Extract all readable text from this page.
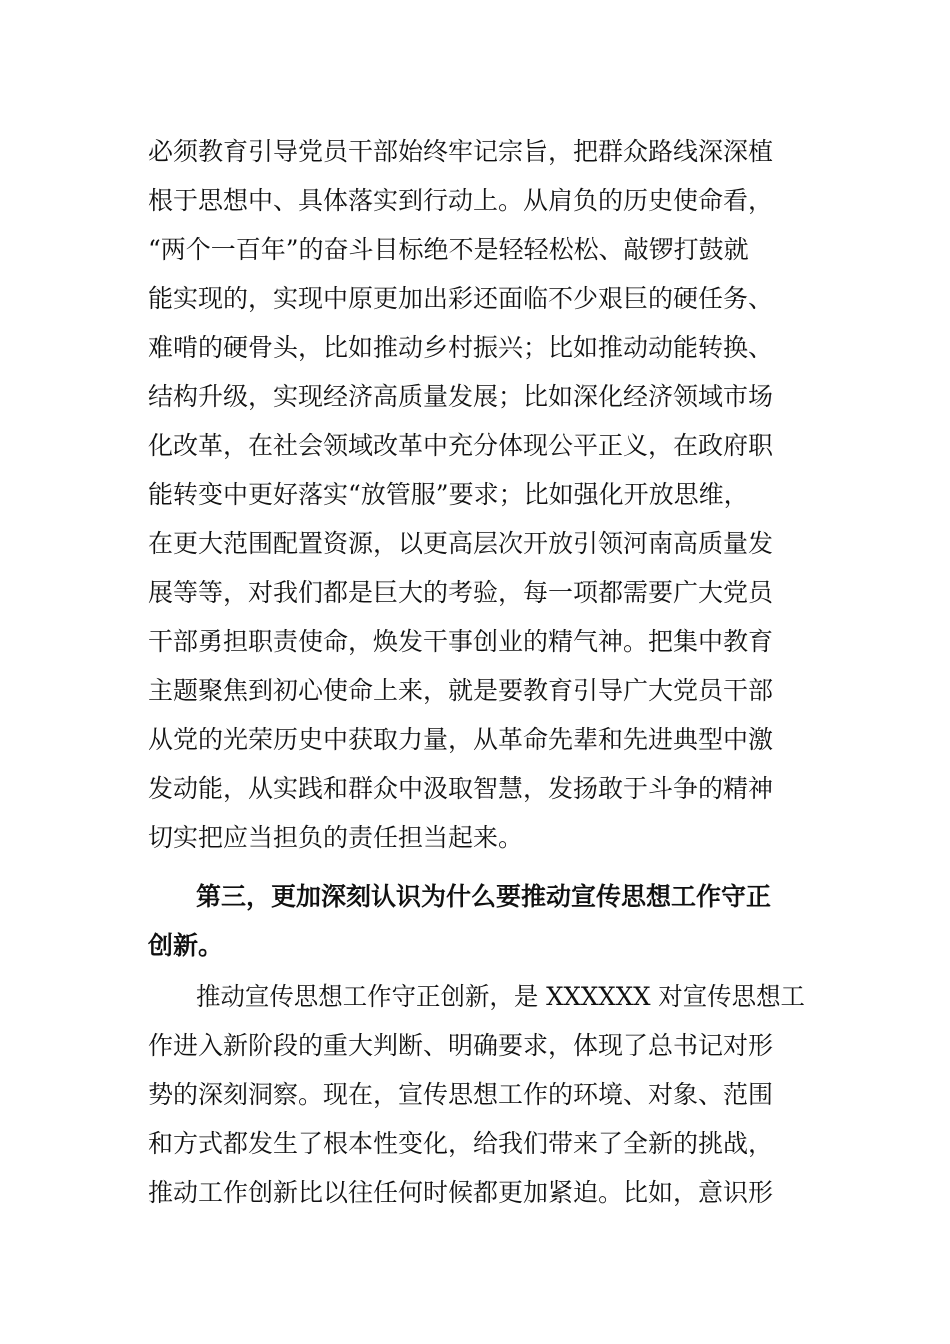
必须教育引导党员干部始终牢记宗旨，把群众路线深深植
根于思想中、具体落实到行动上。从肩负的历史使命看，
“两个一百年”的奋斗目标绝不是轻轻松松、敲锣打鼓就
能实现的，实现中原更加出彩还面临不少艰巨的硬任务、
难啃的硬骨头，比如推动乡村振兴；比如推动动能转换、
结构升级，实现经济高质量发展；比如深化经济领域市场
化改革，在社会领域改革中充分体现公平正义，在政府职
能转变中更好落实“放管服”要求；比如强化开放思维，
在更大范围配置资源，以更高层次开放引领河南高质量发
展等等，对我们都是巨大的考验，每一项都需要广大党员
干部勇担职责使命，焕发干事创业的精气神。把集中教育
主题聚焦到初心使命上来，就是要教育引导广大党员干部
从党的光荣历史中获取力量，从革命先辈和先进典型中激
发动能，从实践和群众中汲取智慧，发扬敢于斗争的精神
切实把应当担负的责任担当起来。
第三，更加深刻认识为什么要推动宣传思想工作守正
创新。
推动宣传思想工作守正创新，是 XXXXXX 对宣传思想工
作进入新阶段的重大判断、明确要求，体现了总书记对形
势的深刻洞察。现在，宣传思想工作的环境、对象、范围
和方式都发生了根本性变化，给我们带来了全新的挑战，
推动工作创新比以往任何时候都更加紧迫。比如，意识形
